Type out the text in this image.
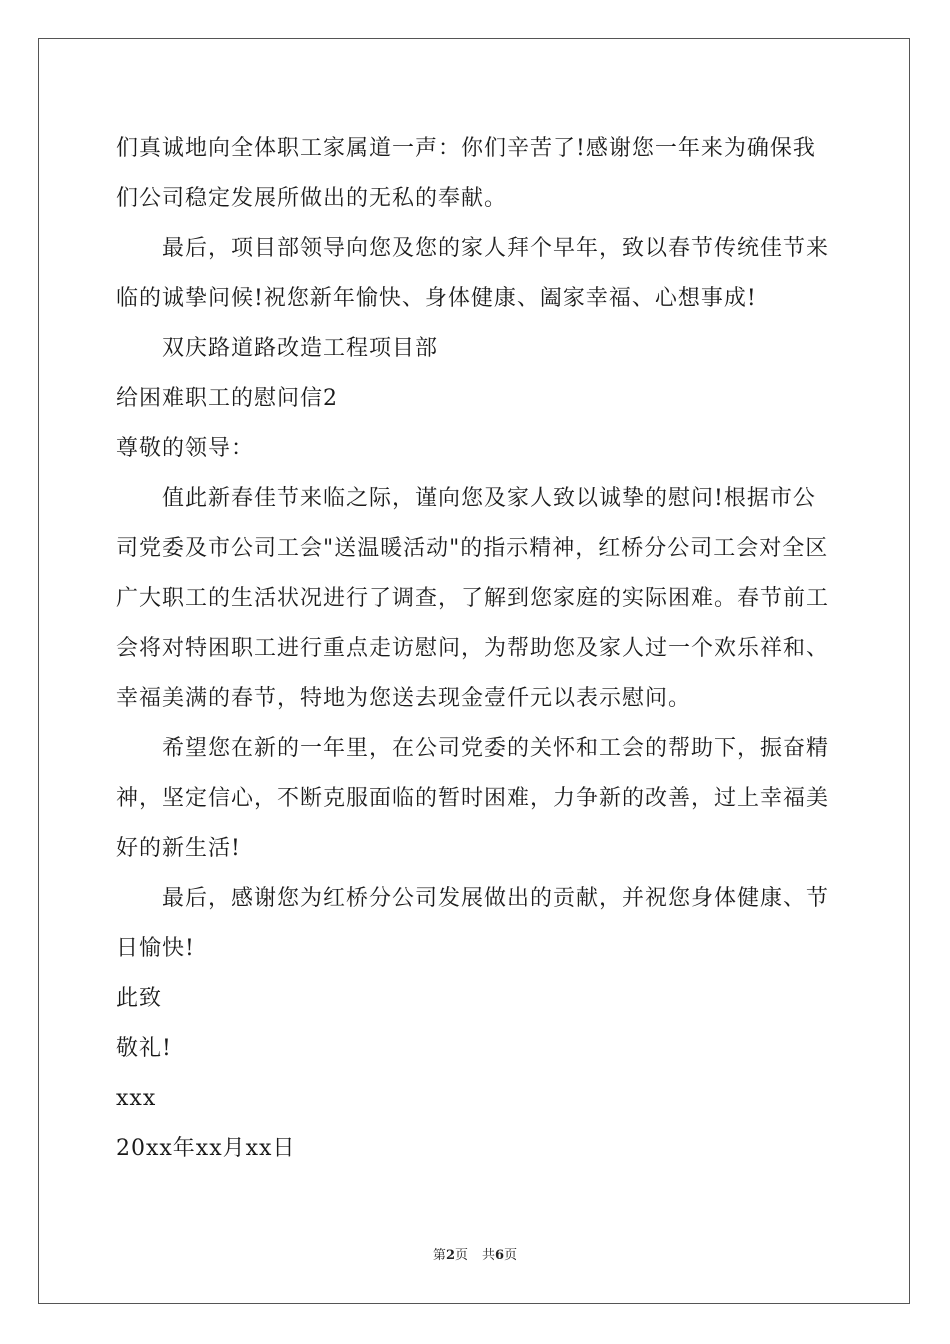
们真诚地向全体职工家属道一声：你们辛苦了!感谢您一年来为确保我们公司稳定发展所做出的无私的奉献。

最后，项目部领导向您及您的家人拜个早年，致以春节传统佳节来临的诚挚问候!祝您新年愉快、身体健康、阖家幸福、心想事成!

双庆路道路改造工程项目部

给困难职工的慰问信2

尊敬的领导：

值此新春佳节来临之际，谨向您及家人致以诚挚的慰问!根据市公司党委及市公司工会"送温暖活动"的指示精神，红桥分公司工会对全区广大职工的生活状况进行了调查，了解到您家庭的实际困难。春节前工会将对特困职工进行重点走访慰问，为帮助您及家人过一个欢乐祥和、幸福美满的春节，特地为您送去现金壹仟元以表示慰问。

希望您在新的一年里，在公司党委的关怀和工会的帮助下，振奋精神，坚定信心，不断克服面临的暂时困难，力争新的改善，过上幸福美好的新生活!

最后，感谢您为红桥分公司发展做出的贡献，并祝您身体健康、节日愉快!

此致

敬礼!

xxx

20xx年xx月xx日

第2页 共6页
